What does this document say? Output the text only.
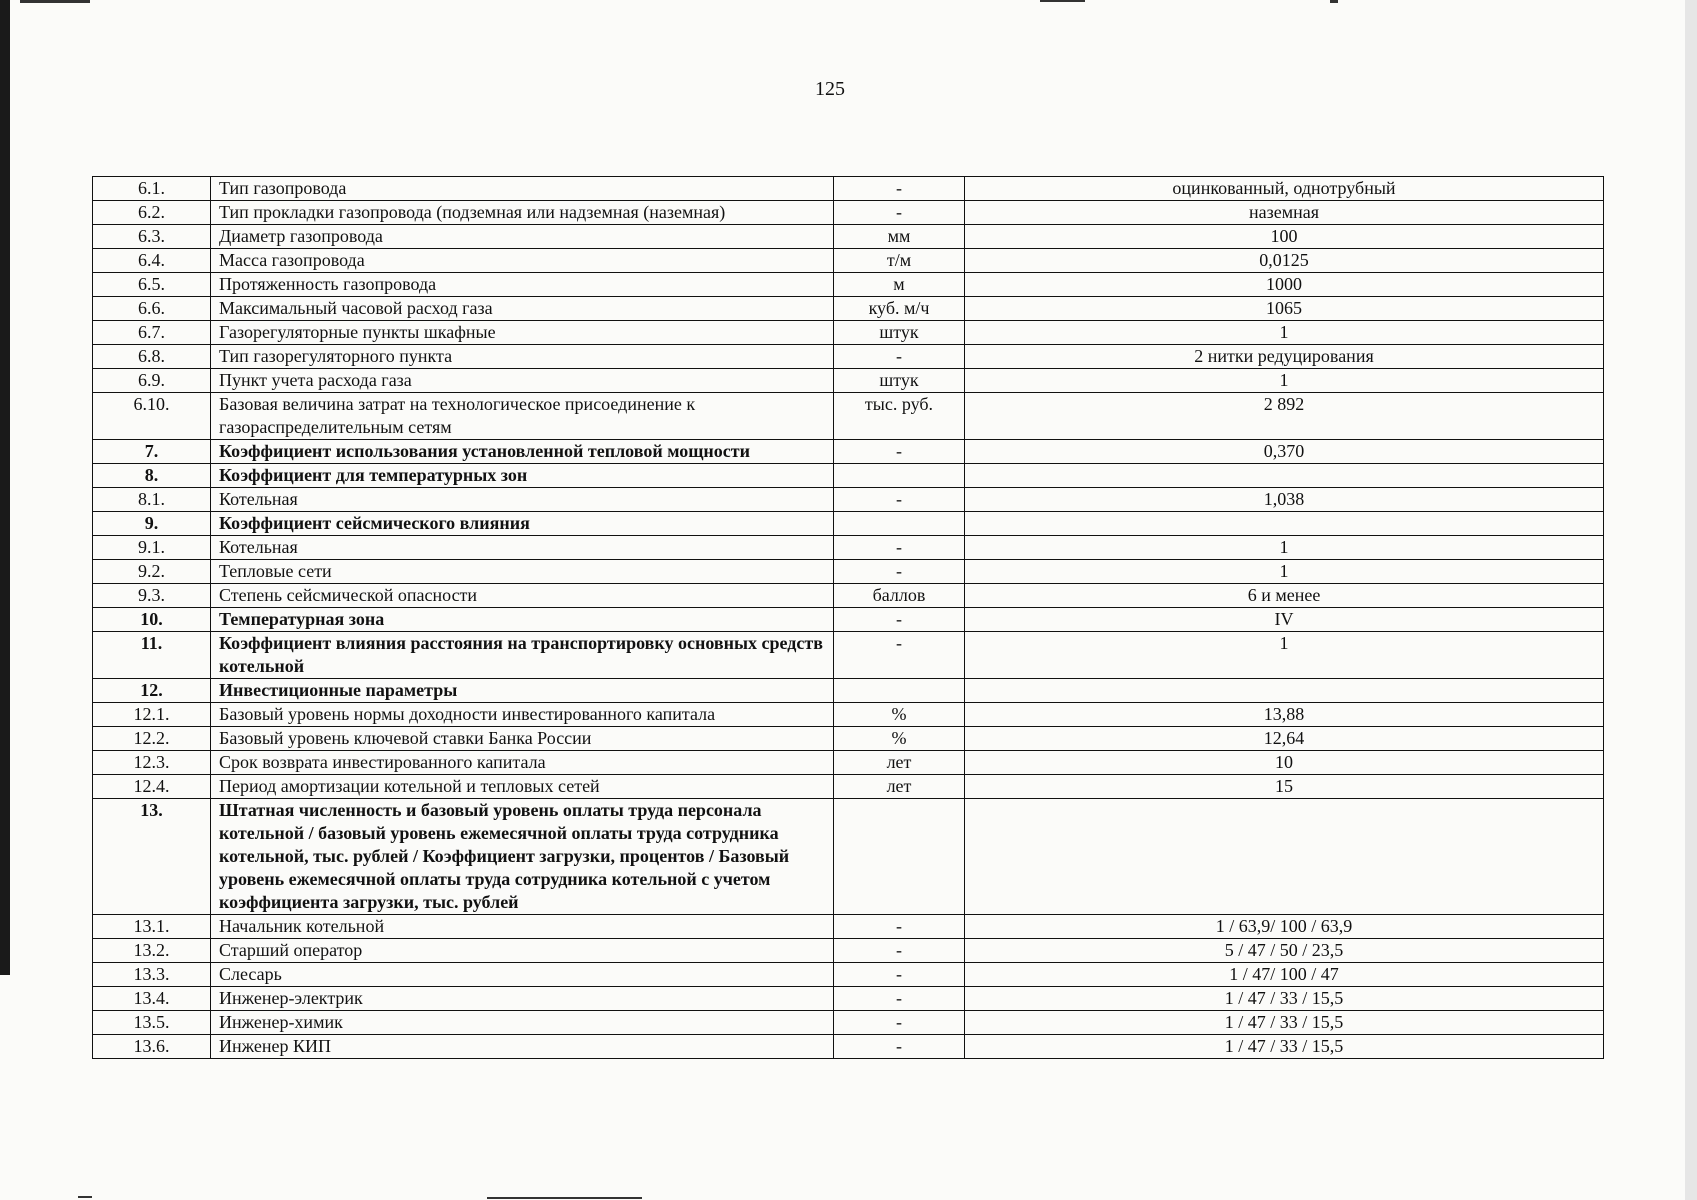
125
6.1.	Тип газопровода	-	оцинкованный, однотрубный
6.2.	Тип прокладки газопровода (подземная или надземная (наземная)	-	наземная
6.3.	Диаметр газопровода	мм	100
6.4.	Масса газопровода	т/м	0,0125
6.5.	Протяженность газопровода	м	1000
6.6.	Максимальный часовой расход газа	куб. м/ч	1065
6.7.	Газорегуляторные пункты шкафные	штук	1
6.8.	Тип газорегуляторного пункта	-	2 нитки редуцирования
6.9.	Пункт учета расхода газа	штук	1
6.10.	Базовая величина затрат на технологическое присоединение к газораспределительным сетям	тыс. руб.	2 892
7.	Коэффициент использования установленной тепловой мощности	-	0,370
8.	Коэффициент для температурных зон		
8.1.	Котельная	-	1,038
9.	Коэффициент сейсмического влияния		
9.1.	Котельная	-	1
9.2.	Тепловые сети	-	1
9.3.	Степень сейсмической опасности	баллов	6 и менее
10.	Температурная зона	-	IV
11.	Коэффициент влияния расстояния на транспортировку основных средств котельной	-	1
12.	Инвестиционные параметры		
12.1.	Базовый уровень нормы доходности инвестированного капитала	%	13,88
12.2.	Базовый уровень ключевой ставки Банка России	%	12,64
12.3.	Срок возврата инвестированного капитала	лет	10
12.4.	Период амортизации котельной и тепловых сетей	лет	15
13.	Штатная численность и базовый уровень оплаты труда персонала котельной / базовый уровень ежемесячной оплаты труда сотрудника котельной, тыс. рублей / Коэффициент загрузки, процентов / Базовый уровень ежемесячной оплаты труда сотрудника котельной с учетом коэффициента загрузки, тыс. рублей		
13.1.	Начальник котельной	-	1 / 63,9/ 100 / 63,9
13.2.	Старший оператор	-	5 / 47 / 50 / 23,5
13.3.	Слесарь	-	1 / 47/ 100 / 47
13.4.	Инженер-электрик	-	1 / 47 / 33 / 15,5
13.5.	Инженер-химик	-	1 / 47 / 33 / 15,5
13.6.	Инженер КИП	-	1 / 47 / 33 / 15,5
